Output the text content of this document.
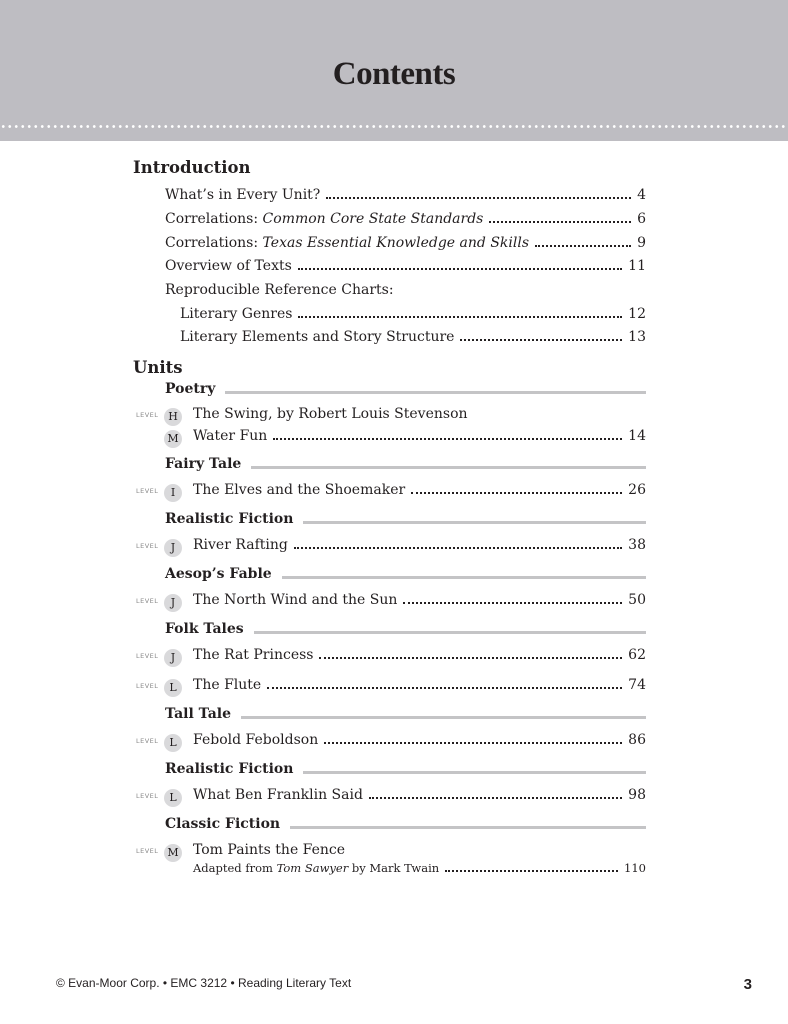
Contents
Introduction
What’s in Every Unit?	4
Correlations: Common Core State Standards	6
Correlations: Texas Essential Knowledge and Skills	9
Overview of Texts	11
Reproducible Reference Charts:
Literary Genres	12
Literary Elements and Story Structure	13
Units
Poetry
LEVEL H	The Swing, by Robert Louis Stevenson
M Water Fun	14
Fairy Tale
LEVEL	I	The Elves and the Shoemaker	26
Realistic Fiction
LEVEL	J	River Rafting	38
Aesop’s Fable
LEVEL	J	The North Wind and the Sun	50
Folk Tales
LEVEL	J	The Rat Princess	62
LEVEL L	The Flute	74
Tall Tale
LEVEL L	Febold Feboldson	86
Realistic Fiction
LEVEL L	What Ben Franklin Said	98
Classic Fiction
LEVEL M Tom Paints the Fence
Adapted from Tom Sawyer by Mark Twain	110
© Evan-Moor Corp. • EMC 3212 • Reading Literary Text	3
